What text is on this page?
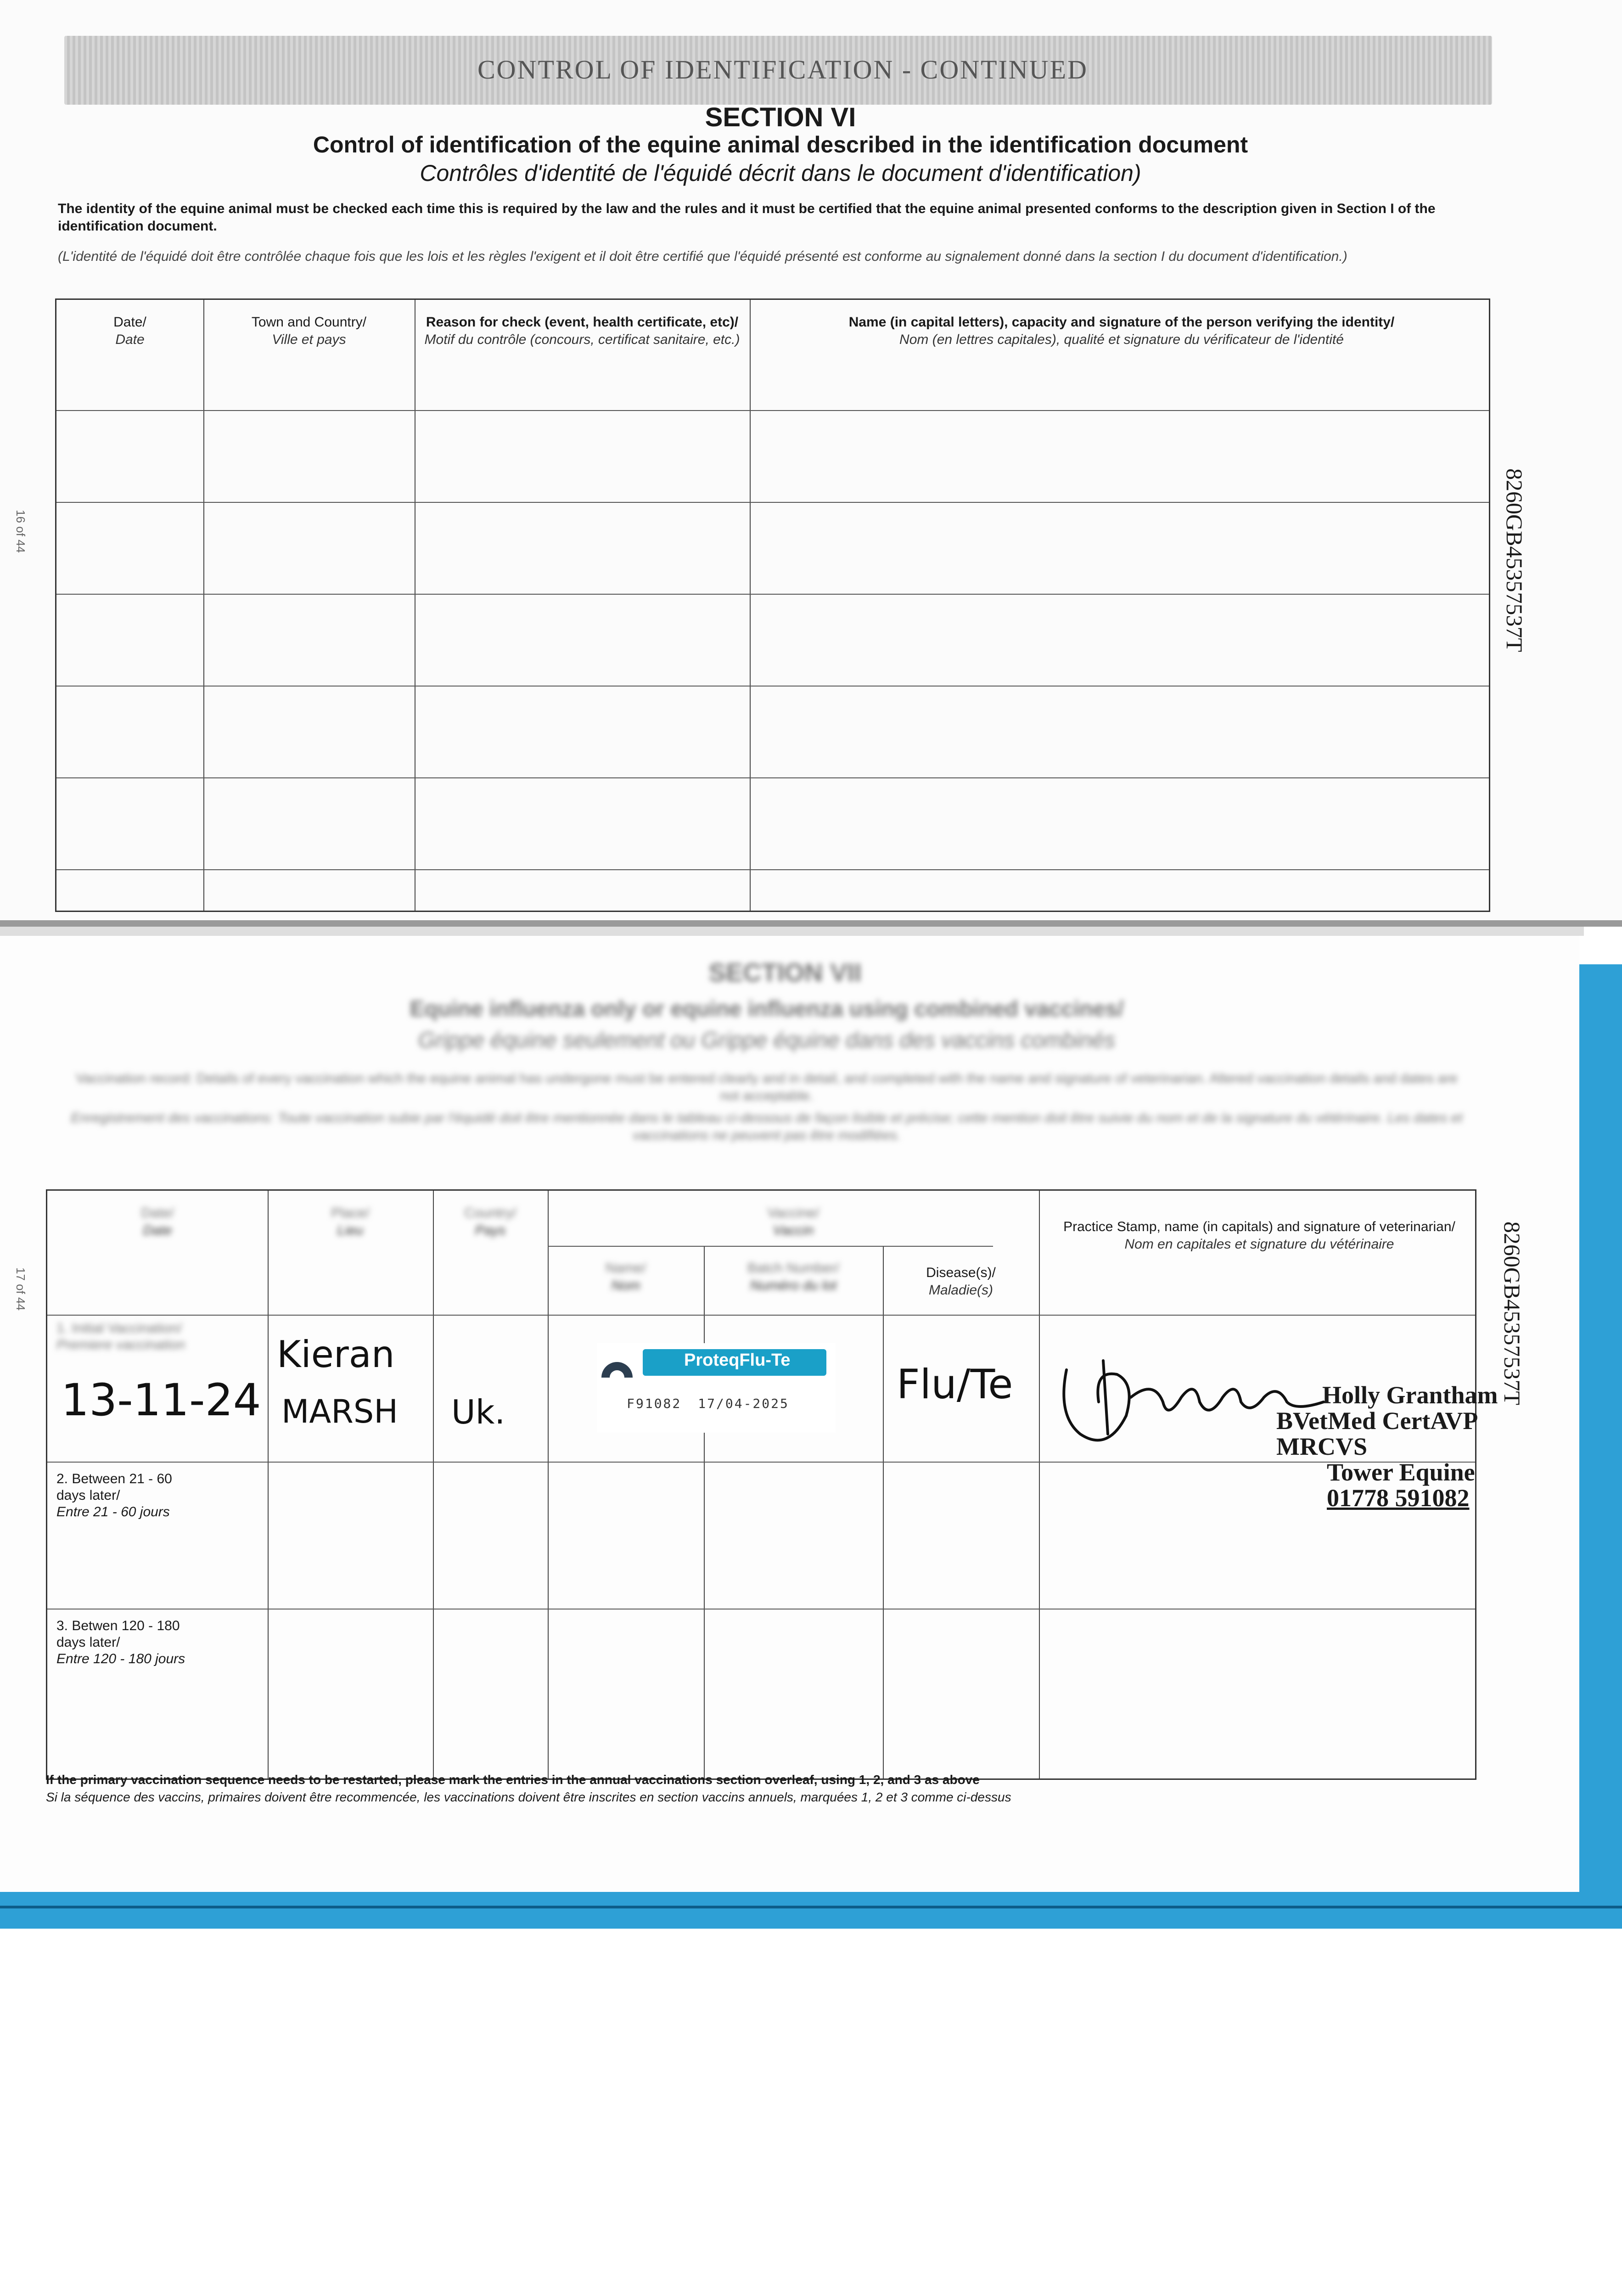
CONTROL OF IDENTIFICATION - CONTINUED
SECTION VI
Control of identification of the equine animal described in the identification document
Contrôles d'identité de l'équidé décrit dans le document d'identification)
The identity of the equine animal must be checked each time this is required by the law and the rules and it must be certified that the equine animal presented conforms to the description given in Section I of the identification document.
(L'identité de l'équidé doit être contrôlée chaque fois que les lois et les règles l'exigent et il doit être certifié que l'équidé présenté est conforme au signalement donné dans la section I du document d'identification.)
Date/
Date
Town and Country/
Ville et pays
Reason for check (event, health certificate, etc)/
Motif du contrôle (concours, certificat sanitaire, etc.)
Name (in capital letters), capacity and signature of the person verifying the identity/
Nom (en lettres capitales), qualité et signature du vérificateur de l'identité
8260GB45357537T
16 of 44
SECTION VII
Equine influenza only or equine influenza using combined vaccines/
Grippe équine seulement ou Grippe équine dans des vaccins combinés
Vaccination record: Details of every vaccination which the equine animal has undergone must be entered clearly and in detail, and completed with the name and signature of veterinarian. Altered vaccination details and dates are not acceptable.
Enregistrement des vaccinations: Toute vaccination subie par l'équidé doit être mentionnée dans le tableau ci-dessous de façon lisible et précise; cette mention doit être suivie du nom et de la signature du vétérinaire. Les dates et vaccinations ne peuvent pas être modifiées.
Date/
Date
Place/
Lieu
Country/
Pays
Vaccine/
Vaccin
Name/
Nom
Batch Number/
Numéro du lot
Disease(s)/
Maladie(s)
Practice Stamp, name (in capitals) and signature of veterinarian/
Nom en capitales et signature du vétérinaire
1. Initial Vaccination/
Premiere vaccination
2. Between 21 - 60 days later/
Entre 21 - 60 jours
3. Betwen 120 - 180 days later/
Entre 120 - 180 jours
13-11-24
Kieran
MARSH Uk.
Flu/Te
ProteqFlu-Te
F91082 17/04-2025	Holly Grantham
BVetMed CertAVP MRCVS
Tower Equine
01778 591082
If the primary vaccination sequence needs to be restarted, please mark the entries in the annual vaccinations section overleaf, using 1, 2, and 3 as above
Si la séquence des vaccins, primaires doivent être recommencée, les vaccinations doivent être inscrites en section vaccins annuels, marquées 1, 2 et 3 comme ci-dessus
8260GB45357537T
17 of 44
